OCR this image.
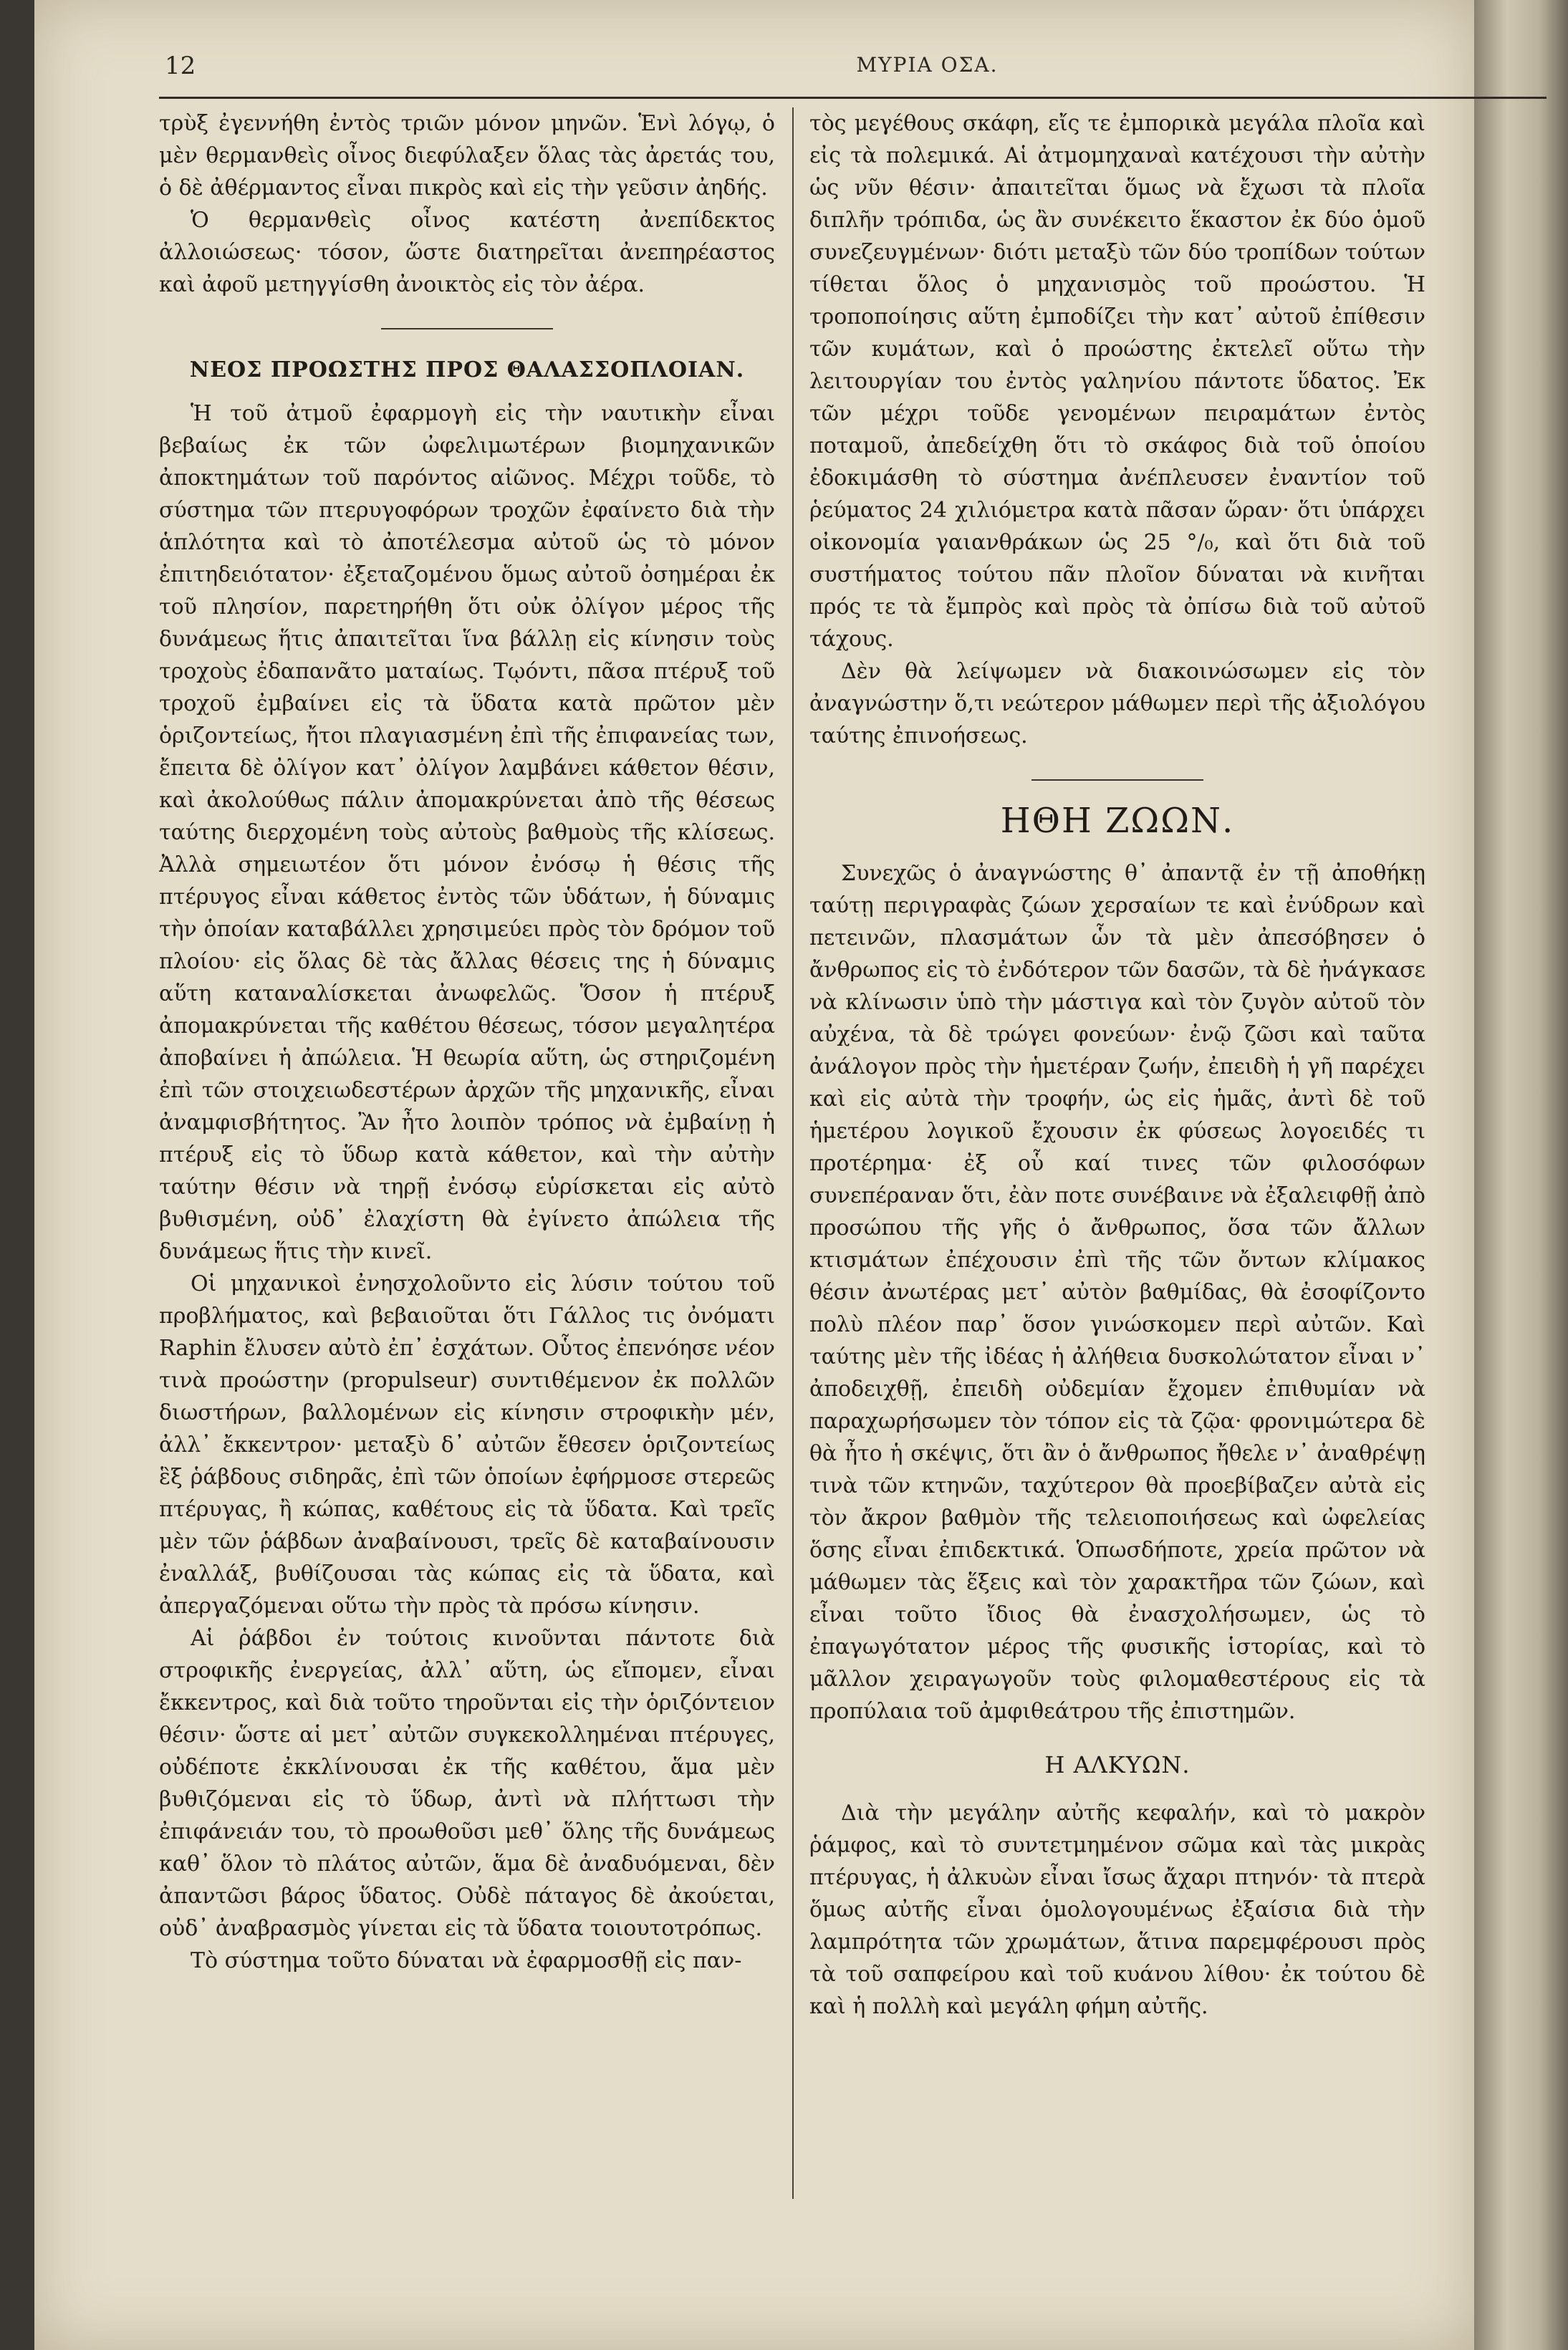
12	ΜΥΡΙΑ ΟΣΑ.

τρὺξ ἐγεννήθη ἐντὸς τριῶν μόνον μηνῶν. Ἑνὶ λόγῳ, ὁ μὲν θερμανθεὶς οἶνος διεφύλαξεν ὅλας τὰς ἀρετάς του, ὁ δὲ ἀθέρμαντος εἶναι πικρὸς καὶ εἰς τὴν γεῦσιν ἀηδής.

Ὁ θερμανθεὶς οἶνος κατέστη ἀνεπίδεκτος ἀλλοιώσεως· τόσον, ὥστε διατηρεῖται ἀνεπηρέαστος καὶ ἀφοῦ μετηγγίσθη ἀνοικτὸς εἰς τὸν ἀέρα.

ΝΕΟΣ ΠΡΟΩΣΤΗΣ ΠΡΟΣ ΘΑΛΑΣΣΟΠΛΟΙΑΝ.

Ἡ τοῦ ἀτμοῦ ἐφαρμογὴ εἰς τὴν ναυτικὴν εἶναι βεβαίως ἐκ τῶν ὠφελιμωτέρων βιομηχανικῶν ἀποκτημάτων τοῦ παρόντος αἰῶνος. Μέχρι τοῦδε, τὸ σύστημα τῶν πτερυγοφόρων τροχῶν ἐφαίνετο διὰ τὴν ἁπλότητα καὶ τὸ ἀποτέλεσμα αὐτοῦ ὡς τὸ μόνον ἐπιτηδειότατον· ἐξεταζομένου ὅμως αὐτοῦ ὀσημέραι ἐκ τοῦ πλησίον, παρετηρήθη ὅτι οὐκ ὀλίγον μέρος τῆς δυνάμεως ἥτις ἀπαιτεῖται ἵνα βάλλῃ εἰς κίνησιν τοὺς τροχοὺς ἐδαπανᾶτο ματαίως. Τῳόντι, πᾶσα πτέρυξ τοῦ τροχοῦ ἐμβαίνει εἰς τὰ ὕδατα κατὰ πρῶτον μὲν ὁριζοντείως, ἤτοι πλαγιασμένη ἐπὶ τῆς ἐπιφανείας των, ἔπειτα δὲ ὀλίγον κατ᾽ ὀλίγον λαμβάνει κάθετον θέσιν, καὶ ἀκολούθως πάλιν ἀπομακρύνεται ἀπὸ τῆς θέσεως ταύτης διερχομένη τοὺς αὐτοὺς βαθμοὺς τῆς κλίσεως. Ἀλλὰ σημειωτέον ὅτι μόνον ἐνόσῳ ἡ θέσις τῆς πτέρυγος εἶναι κάθετος ἐντὸς τῶν ὑδάτων, ἡ δύναμις τὴν ὁποίαν καταβάλλει χρησιμεύει πρὸς τὸν δρόμον τοῦ πλοίου· εἰς ὅλας δὲ τὰς ἄλλας θέσεις της ἡ δύναμις αὕτη καταναλίσκεται ἀνωφελῶς. Ὅσον ἡ πτέρυξ ἀπομακρύνεται τῆς καθέτου θέσεως, τόσον μεγαλητέρα ἀποβαίνει ἡ ἀπώλεια. Ἡ θεωρία αὕτη, ὡς στηριζομένη ἐπὶ τῶν στοιχειωδεστέρων ἀρχῶν τῆς μηχανικῆς, εἶναι ἀναμφισβήτητος. Ἂν ἦτο λοιπὸν τρόπος νὰ ἐμβαίνῃ ἡ πτέρυξ εἰς τὸ ὕδωρ κατὰ κάθετον, καὶ τὴν αὐτὴν ταύτην θέσιν νὰ τηρῇ ἐνόσῳ εὑρίσκεται εἰς αὐτὸ βυθισμένη, οὐδ᾽ ἐλαχίστη θὰ ἐγίνετο ἀπώλεια τῆς δυνάμεως ἥτις τὴν κινεῖ.

Οἱ μηχανικοὶ ἐνησχολοῦντο εἰς λύσιν τούτου τοῦ προβλήματος, καὶ βεβαιοῦται ὅτι Γάλλος τις ὀνόματι Raphin ἔλυσεν αὐτὸ ἐπ᾽ ἐσχάτων. Οὗτος ἐπενόησε νέον τινὰ προώστην (propulseur) συντιθέμενον ἐκ πολλῶν διωστήρων, βαλλομένων εἰς κίνησιν στροφικὴν μέν, ἀλλ᾽ ἔκκεντρον· μεταξὺ δ᾽ αὐτῶν ἔθεσεν ὁριζοντείως ἓξ ῥάβδους σιδηρᾶς, ἐπὶ τῶν ὁποίων ἐφήρμοσε στερεῶς πτέρυγας, ἢ κώπας, καθέτους εἰς τὰ ὕδατα. Καὶ τρεῖς μὲν τῶν ῥάβδων ἀναβαίνουσι, τρεῖς δὲ καταβαίνουσιν ἐναλλάξ, βυθίζουσαι τὰς κώπας εἰς τὰ ὕδατα, καὶ ἀπεργαζόμεναι οὕτω τὴν πρὸς τὰ πρόσω κίνησιν.

Αἱ ῥάβδοι ἐν τούτοις κινοῦνται πάντοτε διὰ στροφικῆς ἐνεργείας, ἀλλ᾽ αὕτη, ὡς εἴπομεν, εἶναι ἔκκεντρος, καὶ διὰ τοῦτο τηροῦνται εἰς τὴν ὁριζόντειον θέσιν· ὥστε αἱ μετ᾽ αὐτῶν συγκεκολλημέναι πτέρυγες, οὐδέποτε ἐκκλίνουσαι ἐκ τῆς καθέτου, ἅμα μὲν βυθιζόμεναι εἰς τὸ ὕδωρ, ἀντὶ νὰ πλήττωσι τὴν ἐπιφάνειάν του, τὸ προωθοῦσι μεθ᾽ ὅλης τῆς δυνάμεως καθ᾽ ὅλον τὸ πλάτος αὐτῶν, ἅμα δὲ ἀναδυόμεναι, δὲν ἀπαντῶσι βάρος ὕδατος. Οὐδὲ πάταγος δὲ ἀκούεται, οὐδ᾽ ἀναβρασμὸς γίνεται εἰς τὰ ὕδατα τοιουτοτρόπως.

Τὸ σύστημα τοῦτο δύναται νὰ ἐφαρμοσθῇ εἰς παν-

τὸς μεγέθους σκάφη, εἴς τε ἐμπορικὰ μεγάλα πλοῖα καὶ εἰς τὰ πολεμικά. Αἱ ἀτμομηχαναὶ κατέχουσι τὴν αὐτὴν ὡς νῦν θέσιν· ἀπαιτεῖται ὅμως νὰ ἔχωσι τὰ πλοῖα διπλῆν τρόπιδα, ὡς ἂν συνέκειτο ἕκαστον ἐκ δύο ὁμοῦ συνεζευγμένων· διότι μεταξὺ τῶν δύο τροπίδων τούτων τίθεται ὅλος ὁ μηχανισμὸς τοῦ προώστου. Ἡ τροποποίησις αὕτη ἐμποδίζει τὴν κατ᾽ αὐτοῦ ἐπίθεσιν τῶν κυμάτων, καὶ ὁ προώστης ἐκτελεῖ οὕτω τὴν λειτουργίαν του ἐντὸς γαληνίου πάντοτε ὕδατος. Ἐκ τῶν μέχρι τοῦδε γενομένων πειραμάτων ἐντὸς ποταμοῦ, ἀπεδείχθη ὅτι τὸ σκάφος διὰ τοῦ ὁποίου ἐδοκιμάσθη τὸ σύστημα ἀνέπλευσεν ἐναντίον τοῦ ῥεύματος 24 χιλιόμετρα κατὰ πᾶσαν ὥραν· ὅτι ὑπάρχει οἰκονομία γαιανθράκων ὡς 25 °/₀, καὶ ὅτι διὰ τοῦ συστήματος τούτου πᾶν πλοῖον δύναται νὰ κινῆται πρός τε τὰ ἔμπρὸς καὶ πρὸς τὰ ὀπίσω διὰ τοῦ αὐτοῦ τάχους.

Δὲν θὰ λείψωμεν νὰ διακοινώσωμεν εἰς τὸν ἀναγνώστην ὅ,τι νεώτερον μάθωμεν περὶ τῆς ἀξιολόγου ταύτης ἐπινοήσεως.

ΗΘΗ ΖΩΩΝ.

Συνεχῶς ὁ ἀναγνώστης θ᾽ ἀπαντᾷ ἐν τῇ ἀποθήκῃ ταύτῃ περιγραφὰς ζώων χερσαίων τε καὶ ἐνύδρων καὶ πετεινῶν, πλασμάτων ὧν τὰ μὲν ἀπεσόβησεν ὁ ἄνθρωπος εἰς τὸ ἐνδότερον τῶν δασῶν, τὰ δὲ ἠνάγκασε νὰ κλίνωσιν ὑπὸ τὴν μάστιγα καὶ τὸν ζυγὸν αὐτοῦ τὸν αὐχένα, τὰ δὲ τρώγει φονεύων· ἐνῷ ζῶσι καὶ ταῦτα ἀνάλογον πρὸς τὴν ἡμετέραν ζωήν, ἐπειδὴ ἡ γῆ παρέχει καὶ εἰς αὐτὰ τὴν τροφήν, ὡς εἰς ἡμᾶς, ἀντὶ δὲ τοῦ ἡμετέρου λογικοῦ ἔχουσιν ἐκ φύσεως λογοειδές τι προτέρημα· ἐξ οὗ καί τινες τῶν φιλοσόφων συνεπέραναν ὅτι, ἐὰν ποτε συνέβαινε νὰ ἐξαλειφθῇ ἀπὸ προσώπου τῆς γῆς ὁ ἄνθρωπος, ὅσα τῶν ἄλλων κτισμάτων ἐπέχουσιν ἐπὶ τῆς τῶν ὄντων κλίμακος θέσιν ἀνωτέρας μετ᾽ αὐτὸν βαθμίδας, θὰ ἐσοφίζοντο πολὺ πλέον παρ᾽ ὅσον γινώσκομεν περὶ αὐτῶν. Καὶ ταύτης μὲν τῆς ἰδέας ἡ ἀλήθεια δυσκολώτατον εἶναι ν᾽ ἀποδειχθῇ, ἐπειδὴ οὐδεμίαν ἔχομεν ἐπιθυμίαν νὰ παραχωρήσωμεν τὸν τόπον εἰς τὰ ζῷα· φρονιμώτερα δὲ θὰ ἦτο ἡ σκέψις, ὅτι ἂν ὁ ἄνθρωπος ἤθελε ν᾽ ἀναθρέψῃ τινὰ τῶν κτηνῶν, ταχύτερον θὰ προεβίβαζεν αὐτὰ εἰς τὸν ἄκρον βαθμὸν τῆς τελειοποιήσεως καὶ ὠφελείας ὅσης εἶναι ἐπιδεκτικά. Ὁπωσδήποτε, χρεία πρῶτον νὰ μάθωμεν τὰς ἕξεις καὶ τὸν χαρακτῆρα τῶν ζώων, καὶ εἶναι τοῦτο ἴδιος θὰ ἐνασχολήσωμεν, ὡς τὸ ἐπαγωγότατον μέρος τῆς φυσικῆς ἱστορίας, καὶ τὸ μᾶλλον χειραγωγοῦν τοὺς φιλομαθεστέρους εἰς τὰ προπύλαια τοῦ ἀμφιθεάτρου τῆς ἐπιστημῶν.

Η ΑΛΚΥΩΝ.

Διὰ τὴν μεγάλην αὐτῆς κεφαλήν, καὶ τὸ μακρὸν ῥάμφος, καὶ τὸ συντετμημένον σῶμα καὶ τὰς μικρὰς πτέρυγας, ἡ ἀλκυὼν εἶναι ἴσως ἄχαρι πτηνόν· τὰ πτερὰ ὅμως αὐτῆς εἶναι ὁμολογουμένως ἐξαίσια διὰ τὴν λαμπρότητα τῶν χρωμάτων, ἅτινα παρεμφέρουσι πρὸς τὰ τοῦ σαπφείρου καὶ τοῦ κυάνου λίθου· ἐκ τούτου δὲ καὶ ἡ πολλὴ καὶ μεγάλη φήμη αὐτῆς.
